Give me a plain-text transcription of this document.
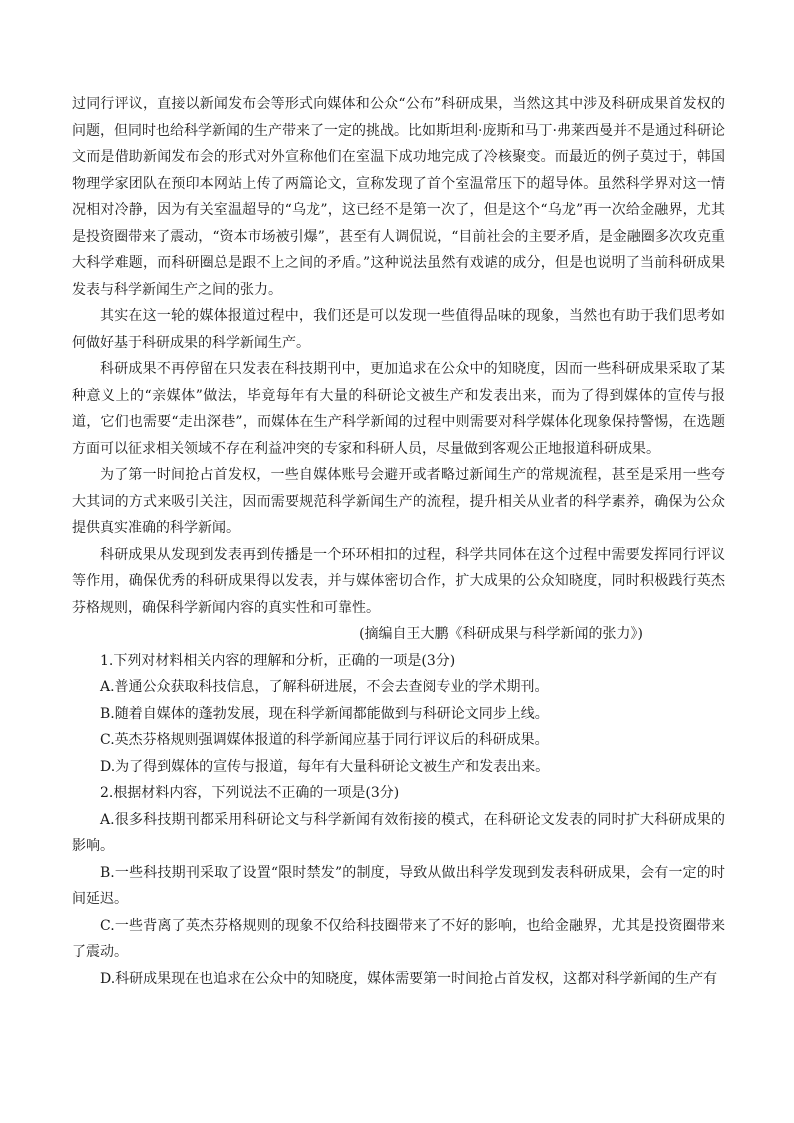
过同行评议，直接以新闻发布会等形式向媒体和公众“公布”科研成果，当然这其中涉及科研成果首发权的问题，但同时也给科学新闻的生产带来了一定的挑战。比如斯坦利·庞斯和马丁·弗莱西曼并不是通过科研论文而是借助新闻发布会的形式对外宣称他们在室温下成功地完成了冷核聚变。而最近的例子莫过于，韩国物理学家团队在预印本网站上传了两篇论文，宣称发现了首个室温常压下的超导体。虽然科学界对这一情况相对冷静，因为有关室温超导的“乌龙”，这已经不是第一次了，但是这个“乌龙”再一次给金融界，尤其是投资圈带来了震动，“资本市场被引爆”，甚至有人调侃说，“目前社会的主要矛盾，是金融圈多次攻克重大科学难题，而科研圈总是跟不上之间的矛盾。”这种说法虽然有戏谑的成分，但是也说明了当前科研成果发表与科学新闻生产之间的张力。

其实在这一轮的媒体报道过程中，我们还是可以发现一些值得品味的现象，当然也有助于我们思考如何做好基于科研成果的科学新闻生产。

科研成果不再停留在只发表在科技期刊中，更加追求在公众中的知晓度，因而一些科研成果采取了某种意义上的“亲媒体”做法，毕竟每年有大量的科研论文被生产和发表出来，而为了得到媒体的宣传与报道，它们也需要“走出深巷”，而媒体在生产科学新闻的过程中则需要对科学媒体化现象保持警惕，在选题方面可以征求相关领域不存在利益冲突的专家和科研人员，尽量做到客观公正地报道科研成果。

为了第一时间抢占首发权，一些自媒体账号会避开或者略过新闻生产的常规流程，甚至是采用一些夸大其词的方式来吸引关注，因而需要规范科学新闻生产的流程，提升相关从业者的科学素养，确保为公众提供真实准确的科学新闻。

科研成果从发现到发表再到传播是一个环环相扣的过程，科学共同体在这个过程中需要发挥同行评议等作用，确保优秀的科研成果得以发表，并与媒体密切合作，扩大成果的公众知晓度，同时积极践行英杰芬格规则，确保科学新闻内容的真实性和可靠性。

(摘编自王大鹏《科研成果与科学新闻的张力》)

1.下列对材料相关内容的理解和分析，正确的一项是(3分)

A.普通公众获取科技信息，了解科研进展，不会去查阅专业的学术期刊。

B.随着自媒体的蓬勃发展，现在科学新闻都能做到与科研论文同步上线。

C.英杰芬格规则强调媒体报道的科学新闻应基于同行评议后的科研成果。

D.为了得到媒体的宣传与报道，每年有大量科研论文被生产和发表出来。

2.根据材料内容，下列说法不正确的一项是(3分)

A.很多科技期刊都采用科研论文与科学新闻有效衔接的模式，在科研论文发表的同时扩大科研成果的影响。

B.一些科技期刊采取了设置“限时禁发”的制度，导致从做出科学发现到发表科研成果，会有一定的时间延迟。

C.一些背离了英杰芬格规则的现象不仅给科技圈带来了不好的影响，也给金融界，尤其是投资圈带来了震动。

D.科研成果现在也追求在公众中的知晓度，媒体需要第一时间抢占首发权，这都对科学新闻的生产有
